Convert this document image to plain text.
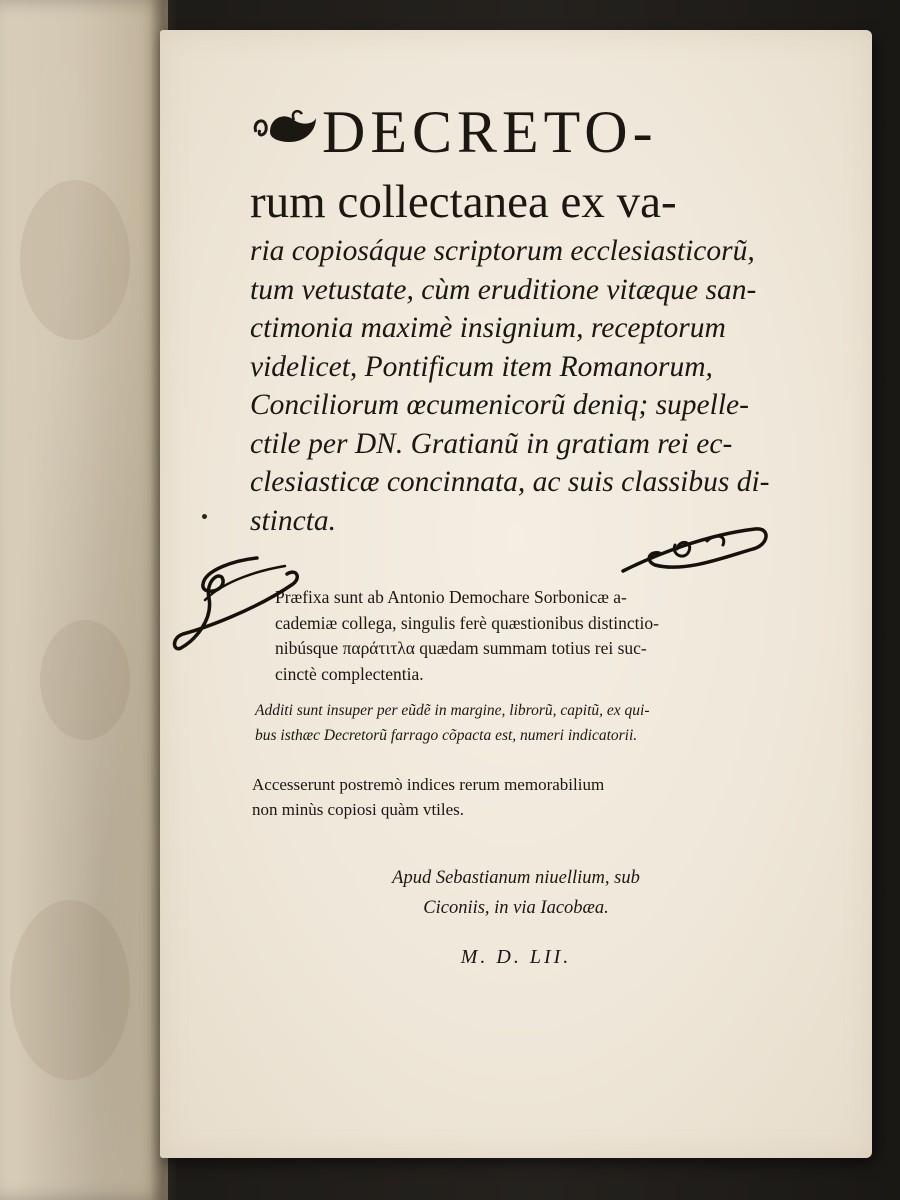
DECRETO-
rum collectanea ex va-
ria copiosáque scriptorum ecclesiasticorũ,
tum vetustate, cùm eruditione vitæque san-
ctimonia maximè insignium, receptorum
videlicet, Pontificum item Romanorum,
Conciliorum œcumenicorũ deniq; supelle-
ctile per DN. Gratianũ in gratiam rei ec-
clesiasticæ concinnata, ac suis classibus di-
stincta.
Præfixa sunt ab Antonio Demochare Sorbonicæ a-
cademiæ collega, singulis ferè quæstionibus distinctio-
nibúsque παράτιτλα quædam summam totius rei suc-
cinctè complectentia.
Additi sunt insuper per eũdẽ in margine, librorũ, capitũ, ex qui-
bus isthæc Decretorũ farrago cõpacta est, numeri indicatorii.
Accesserunt postremò indices rerum memorabilium
non minùs copiosi quàm vtiles.
Apud Sebastianum niuellium, sub
Ciconiis, in via Iacobæa.
M. D. LII.
